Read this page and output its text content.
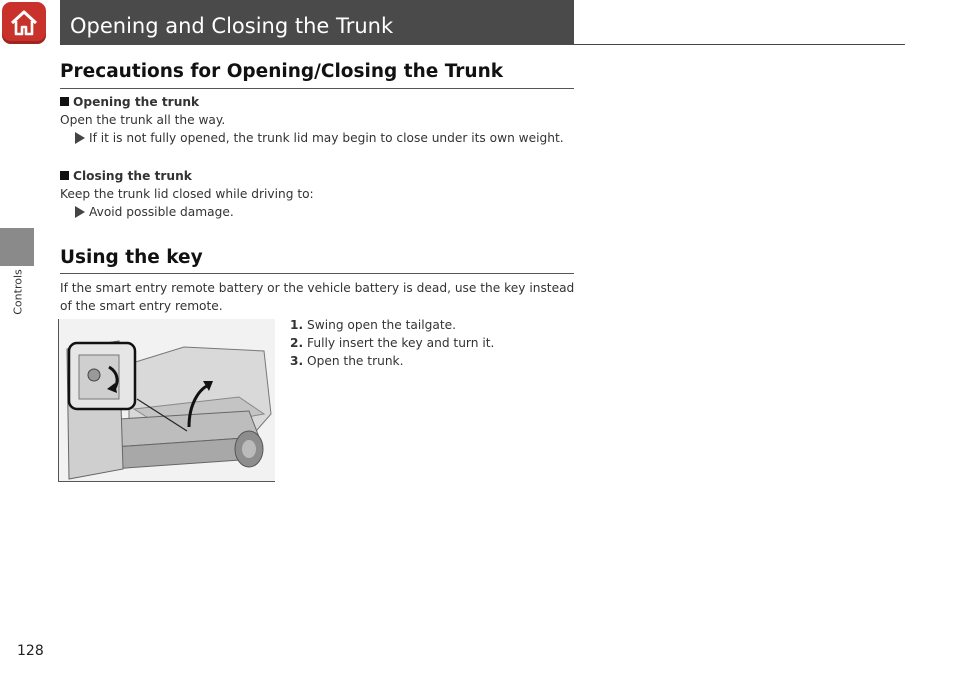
Controls
Opening and Closing the Trunk
Precautions for Opening/Closing the Trunk
Opening the trunk
Open the trunk all the way.
If it is not fully opened, the trunk lid may begin to close under its own weight.
Closing the trunk
Keep the trunk lid closed while driving to:
Avoid possible damage.
Using the key
If the smart entry remote battery or the vehicle battery is dead, use the key instead
of the smart entry remote.
1. Swing open the tailgate.
2. Fully insert the key and turn it.
3. Open the trunk.
128
